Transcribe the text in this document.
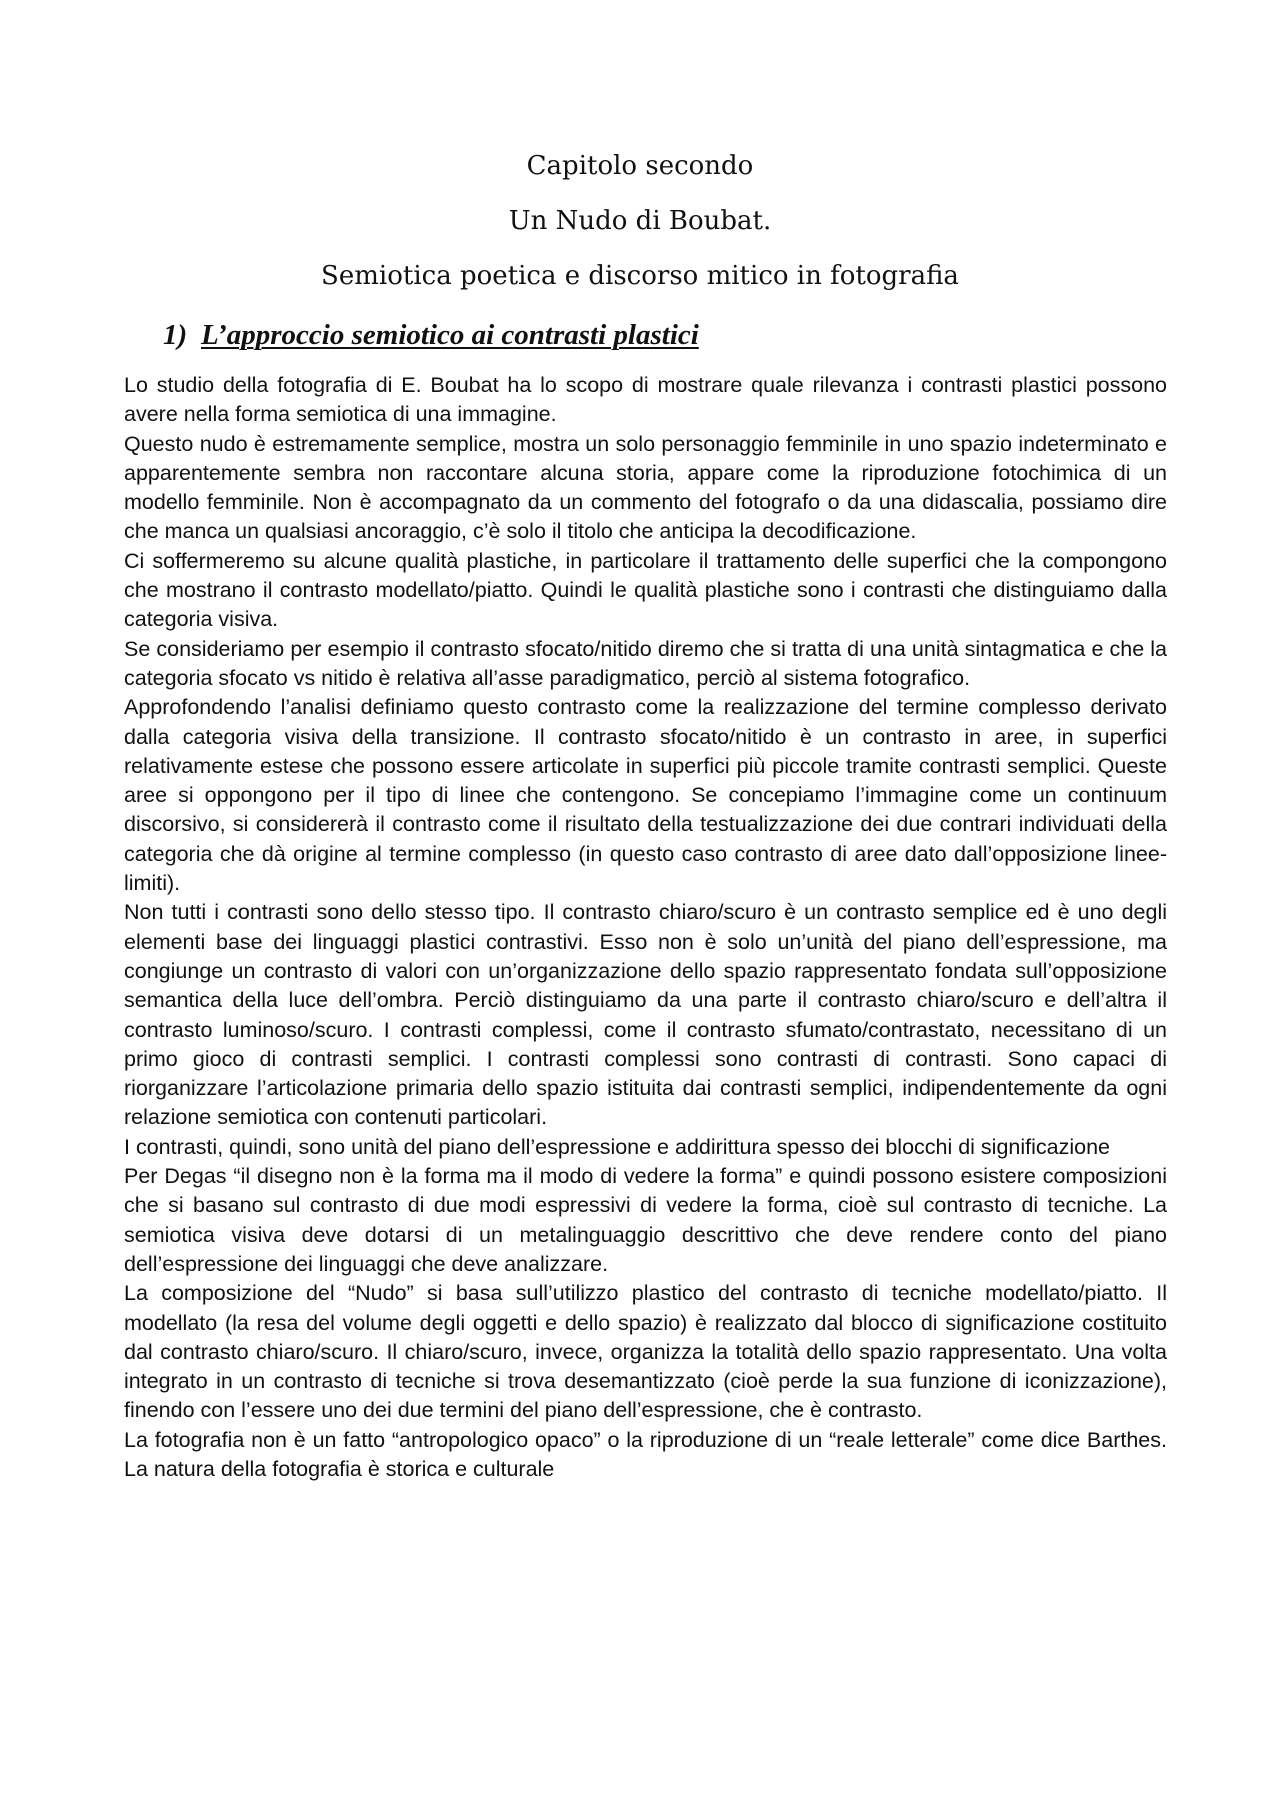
Capitolo secondo
Un Nudo di Boubat.
Semiotica poetica e discorso mitico in fotografia
1) L’approccio semiotico ai contrasti plastici

Lo studio della fotografia di E. Boubat ha lo scopo di mostrare quale rilevanza i contrasti plastici possono avere nella forma semiotica di una immagine.

Questo nudo è estremamente semplice, mostra un solo personaggio femminile in uno spazio indeterminato e apparentemente sembra non raccontare alcuna storia, appare come la riproduzione fotochimica di un modello femminile. Non è accompagnato da un commento del fotografo o da una didascalia, possiamo dire che manca un qualsiasi ancoraggio, c’è solo il titolo che anticipa la decodificazione.

Ci soffermeremo su alcune qualità plastiche, in particolare il trattamento delle superfici che la compongono che mostrano il contrasto modellato/piatto. Quindi le qualità plastiche sono i contrasti che distinguiamo dalla categoria visiva.

Se consideriamo per esempio il contrasto sfocato/nitido diremo che si tratta di una unità sintagmatica e che la categoria sfocato vs nitido è relativa all’asse paradigmatico, perciò al sistema fotografico.

Approfondendo l’analisi definiamo questo contrasto come la realizzazione del termine complesso derivato dalla categoria visiva della transizione. Il contrasto sfocato/nitido è un contrasto in aree, in superfici relativamente estese che possono essere articolate in superfici più piccole tramite contrasti semplici. Queste aree si oppongono per il tipo di linee che contengono. Se concepiamo l’immagine come un continuum discorsivo, si considererà il contrasto come il risultato della testualizzazione dei due contrari individuati della categoria che dà origine al termine complesso (in questo caso contrasto di aree dato dall’opposizione linee-limiti).

Non tutti i contrasti sono dello stesso tipo. Il contrasto chiaro/scuro è un contrasto semplice ed è uno degli elementi base dei linguaggi plastici contrastivi. Esso non è solo un’unità del piano dell’espressione, ma congiunge un contrasto di valori con un’organizzazione dello spazio rappresentato fondata sull’opposizione semantica della luce dell’ombra. Perciò distinguiamo da una parte il contrasto chiaro/scuro e dell’altra il contrasto luminoso/scuro. I contrasti complessi, come il contrasto sfumato/contrastato, necessitano di un primo gioco di contrasti semplici. I contrasti complessi sono contrasti di contrasti. Sono capaci di riorganizzare l’articolazione primaria dello spazio istituita dai contrasti semplici, indipendentemente da ogni relazione semiotica con contenuti particolari.

I contrasti, quindi, sono unità del piano dell’espressione e addirittura spesso dei blocchi di significazione

Per Degas “il disegno non è la forma ma il modo di vedere la forma” e quindi possono esistere composizioni che si basano sul contrasto di due modi espressivi di vedere la forma, cioè sul contrasto di tecniche. La semiotica visiva deve dotarsi di un metalinguaggio descrittivo che deve rendere conto del piano dell’espressione dei linguaggi che deve analizzare.

La composizione del “Nudo” si basa sull’utilizzo plastico del contrasto di tecniche modellato/piatto. Il modellato (la resa del volume degli oggetti e dello spazio) è realizzato dal blocco di significazione costituito dal contrasto chiaro/scuro. Il chiaro/scuro, invece, organizza la totalità dello spazio rappresentato. Una volta integrato in un contrasto di tecniche si trova desemantizzato (cioè perde la sua funzione di iconizzazione), finendo con l’essere uno dei due termini del piano dell’espressione, che è contrasto.

La fotografia non è un fatto “antropologico opaco” o la riproduzione di un “reale letterale” come dice Barthes. La natura della fotografia è storica e culturale
